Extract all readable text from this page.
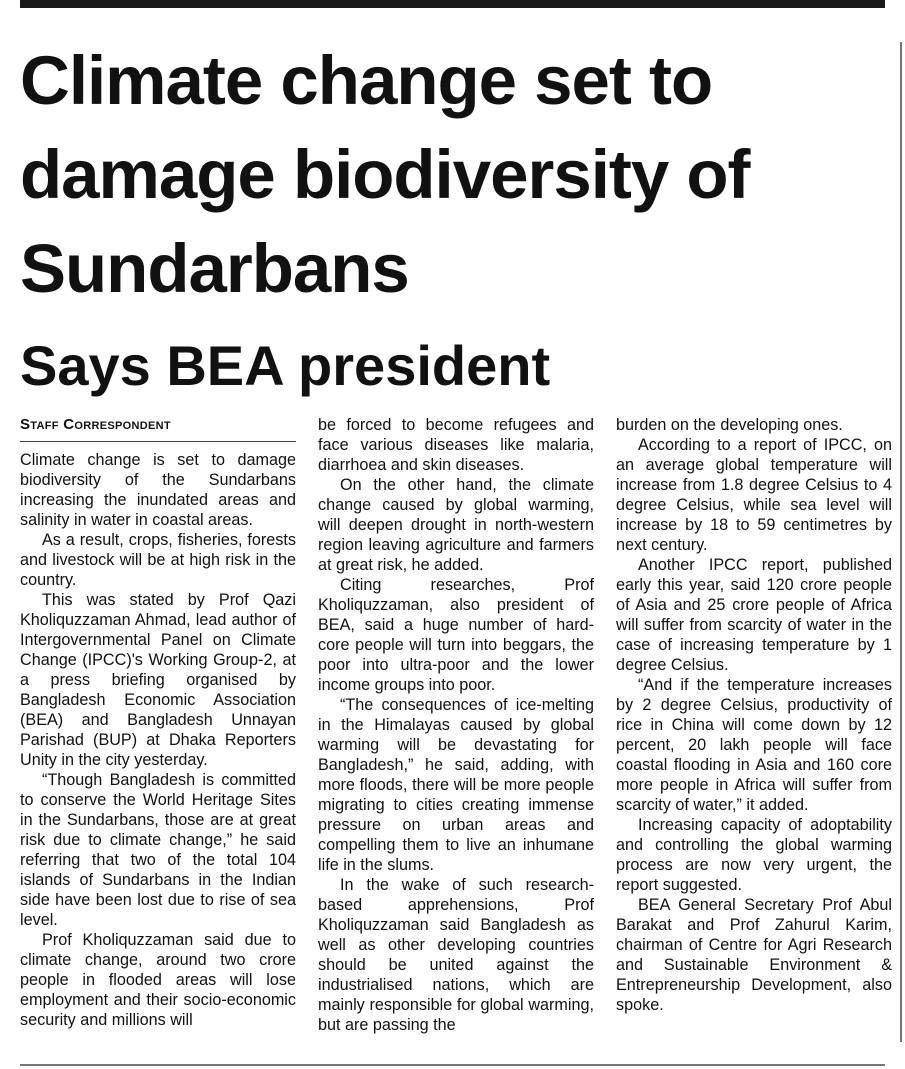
Climate change set to damage biodiversity of Sundarbans
Says BEA president
Staff Correspondent

Climate change is set to damage biodiversity of the Sundarbans increasing the inundated areas and salinity in water in coastal areas.

As a result, crops, fisheries, forests and livestock will be at high risk in the country.

This was stated by Prof Qazi Kholiquzzaman Ahmad, lead author of Intergovernmental Panel on Climate Change (IPCC)'s Working Group-2, at a press briefing organised by Bangladesh Economic Association (BEA) and Bangladesh Unnayan Parishad (BUP) at Dhaka Reporters Unity in the city yesterday.

“Though Bangladesh is committed to conserve the World Heritage Sites in the Sundarbans, those are at great risk due to climate change,” he said referring that two of the total 104 islands of Sundarbans in the Indian side have been lost due to rise of sea level.

Prof Kholiquzzaman said due to climate change, around two crore people in flooded areas will lose employment and their socio-economic security and millions will

be forced to become refugees and face various diseases like malaria, diarrhoea and skin diseases.

On the other hand, the climate change caused by global warming, will deepen drought in north-western region leaving agriculture and farmers at great risk, he added.

Citing researches, Prof Kholiquzzaman, also president of BEA, said a huge number of hard-core people will turn into beggars, the poor into ultra-poor and the lower income groups into poor.

“The consequences of ice-melting in the Himalayas caused by global warming will be devastating for Bangladesh,” he said, adding, with more floods, there will be more people migrating to cities creating immense pressure on urban areas and compelling them to live an inhumane life in the slums.

In the wake of such research-based apprehensions, Prof Kholiquzzaman said Bangladesh as well as other developing countries should be united against the industrialised nations, which are mainly responsible for global warming, but are passing the

burden on the developing ones.

According to a report of IPCC, on an average global temperature will increase from 1.8 degree Celsius to 4 degree Celsius, while sea level will increase by 18 to 59 centimetres by next century.

Another IPCC report, published early this year, said 120 crore people of Asia and 25 crore people of Africa will suffer from scarcity of water in the case of increasing temperature by 1 degree Celsius.

“And if the temperature increases by 2 degree Celsius, productivity of rice in China will come down by 12 percent, 20 lakh people will face coastal flooding in Asia and 160 core more people in Africa will suffer from scarcity of water,” it added.

Increasing capacity of adoptability and controlling the global warming process are now very urgent, the report suggested.

BEA General Secretary Prof Abul Barakat and Prof Zahurul Karim, chairman of Centre for Agri Research and Sustainable Environment & Entrepreneurship Development, also spoke.
